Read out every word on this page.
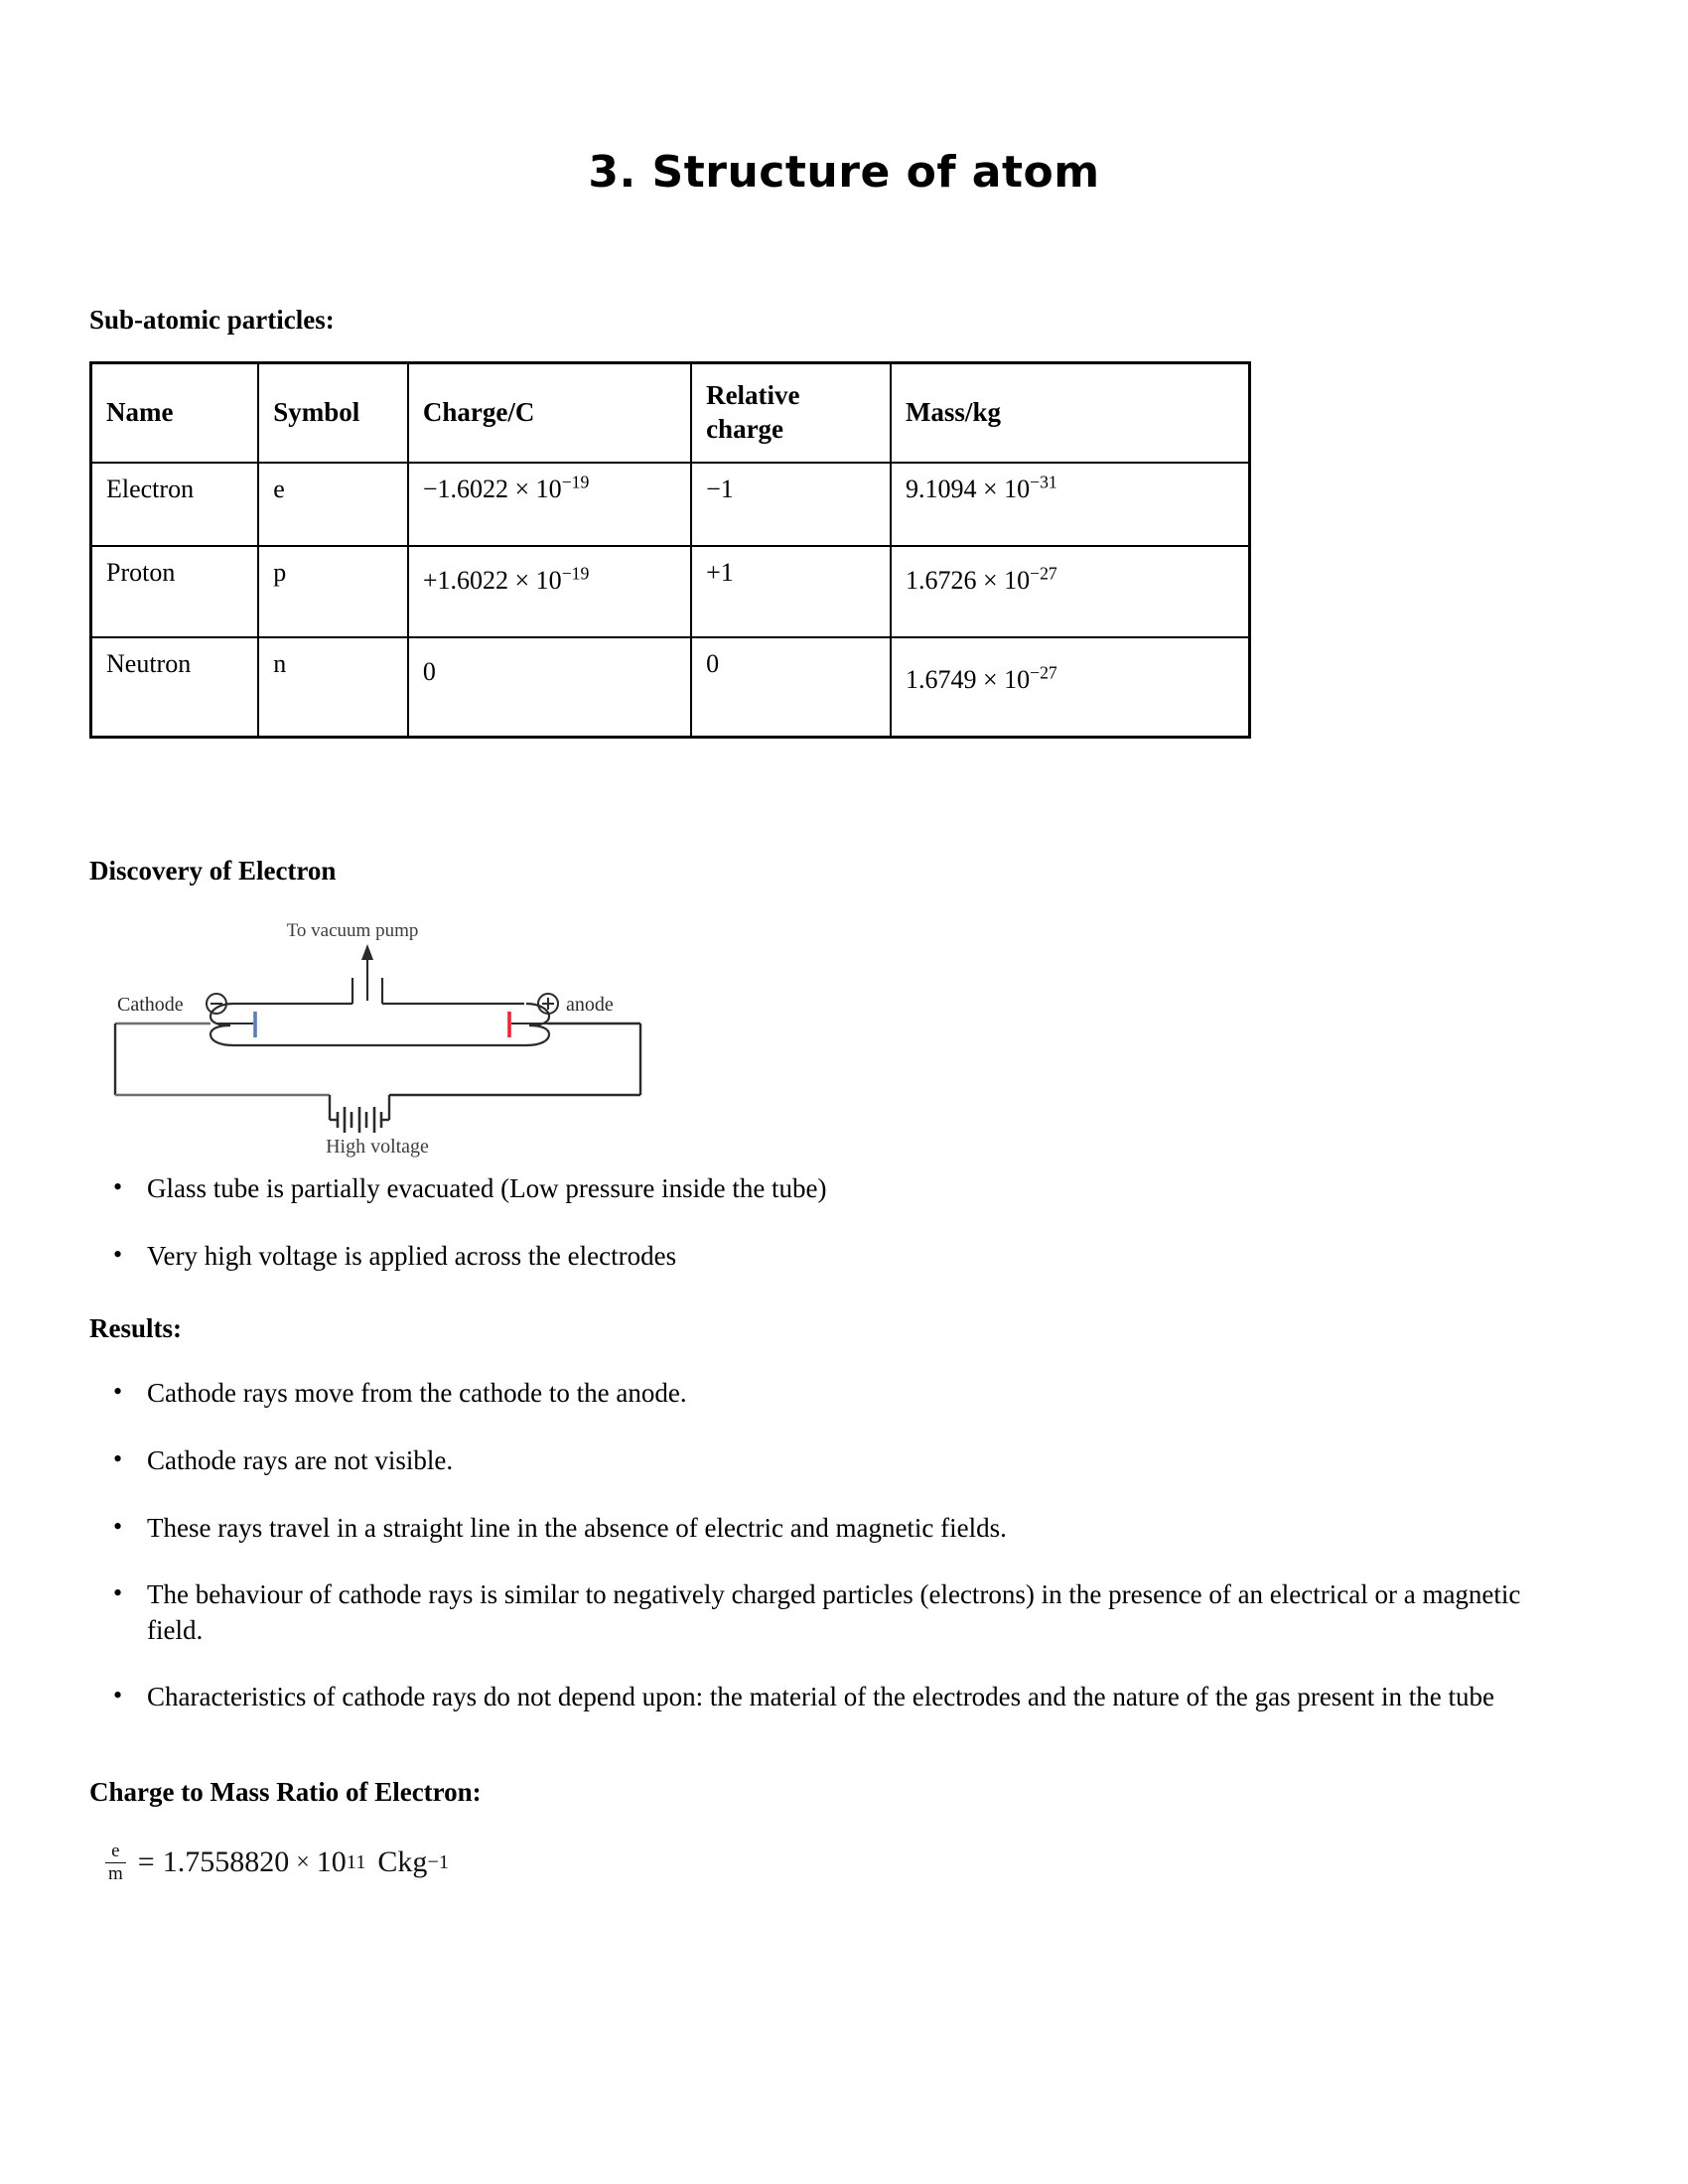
3. Structure of atom
Sub-atomic particles:
Name	Symbol	Charge/C	Relative charge	Mass/kg
Electron	e	$-1.6022 \times 10^{-19}$	−1	$9.1094 \times 10^{-31}$
Proton	p	$+1.6022 \times 10^{-19}$	+1	$1.6726 \times 10^{-27}$
Neutron	n	0	0	$1.6749 \times 10^{-27}$
Discovery of Electron
To vacuum pump
Cathode	anode
High voltage
• Glass tube is partially evacuated (Low pressure inside the tube)
• Very high voltage is applied across the electrodes
Results:
• Cathode rays move from the cathode to the anode.
• Cathode rays are not visible.
• These rays travel in a straight line in the absence of electric and magnetic fields.
• The behaviour of cathode rays is similar to negatively charged particles (electrons) in the presence of an electrical or a magnetic field.
• Characteristics of cathode rays do not depend upon: the material of the electrodes and the nature of the gas present in the tube
Charge to Mass Ratio of Electron:
$\frac{e}{m} = 1.7558820 \times 10$ 11 Ckg −1
